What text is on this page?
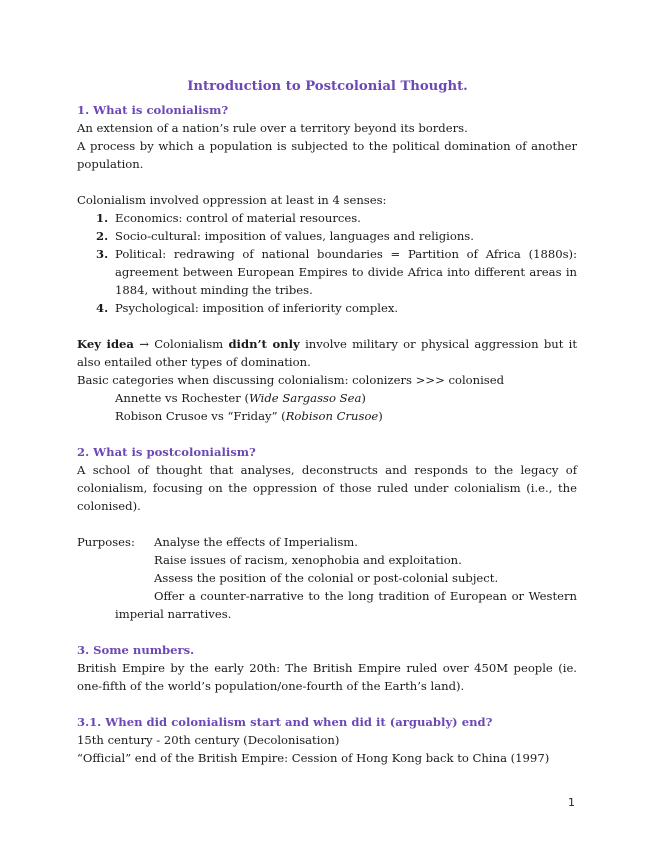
Introduction to Postcolonial Thought.
1. What is colonialism?

An extension of a nation’s rule over a territory beyond its borders.

A process by which a population is subjected to the political domination of another population.

Colonialism involved oppression at least in 4 senses:

1. Economics: control of material resources.
2. Socio-cultural: imposition of values, languages and religions.
3. Political: redrawing of national boundaries = Partition of Africa (1880s): agreement between European Empires to divide Africa into different areas in 1884, without minding the tribes.
4. Psychological: imposition of inferiority complex.

Key idea → Colonialism didn’t only involve military or physical aggression but it also entailed other types of domination.

Basic categories when discussing colonialism: colonizers >>> colonised

Annette vs Rochester (Wide Sargasso Sea)

Robison Crusoe vs “Friday” (Robison Crusoe)

2. What is postcolonialism?

A school of thought that analyses, deconstructs and responds to the legacy of colonialism, focusing on the oppression of those ruled under colonialism (i.e., the colonised).

Purposes:	Analyse the effects of Imperialism.
Raise issues of racism, xenophobia and exploitation.
Assess the position of the colonial or post-colonial subject.
Offer a counter-narrative to the long tradition of European or Western
imperial narratives.
3. Some numbers.

British Empire by the early 20th: The British Empire ruled over 450M people (ie. one-fifth of the world’s population/one-fourth of the Earth’s land).

3.1. When did colonialism start and when did it (arguably) end?

15th century - 20th century (Decolonisation)

“Official” end of the British Empire: Cession of Hong Kong back to China (1997)

1
